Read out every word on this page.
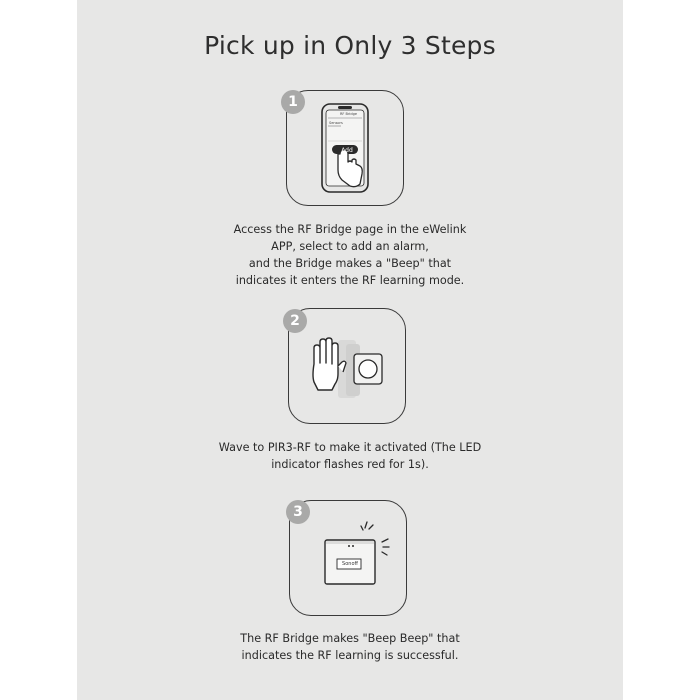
Pick up in Only 3 Steps
RF Bridge
Sensors
Add
1
Access the RF Bridge page in the eWelink
APP, select to add an alarm,
and the Bridge makes a "Beep" that
indicates it enters the RF learning mode.
2
Wave to PIR3-RF to make it activated (The LED
indicator flashes red for 1s).
Sonoff
3
The RF Bridge makes "Beep Beep" that
indicates the RF learning is successful.
